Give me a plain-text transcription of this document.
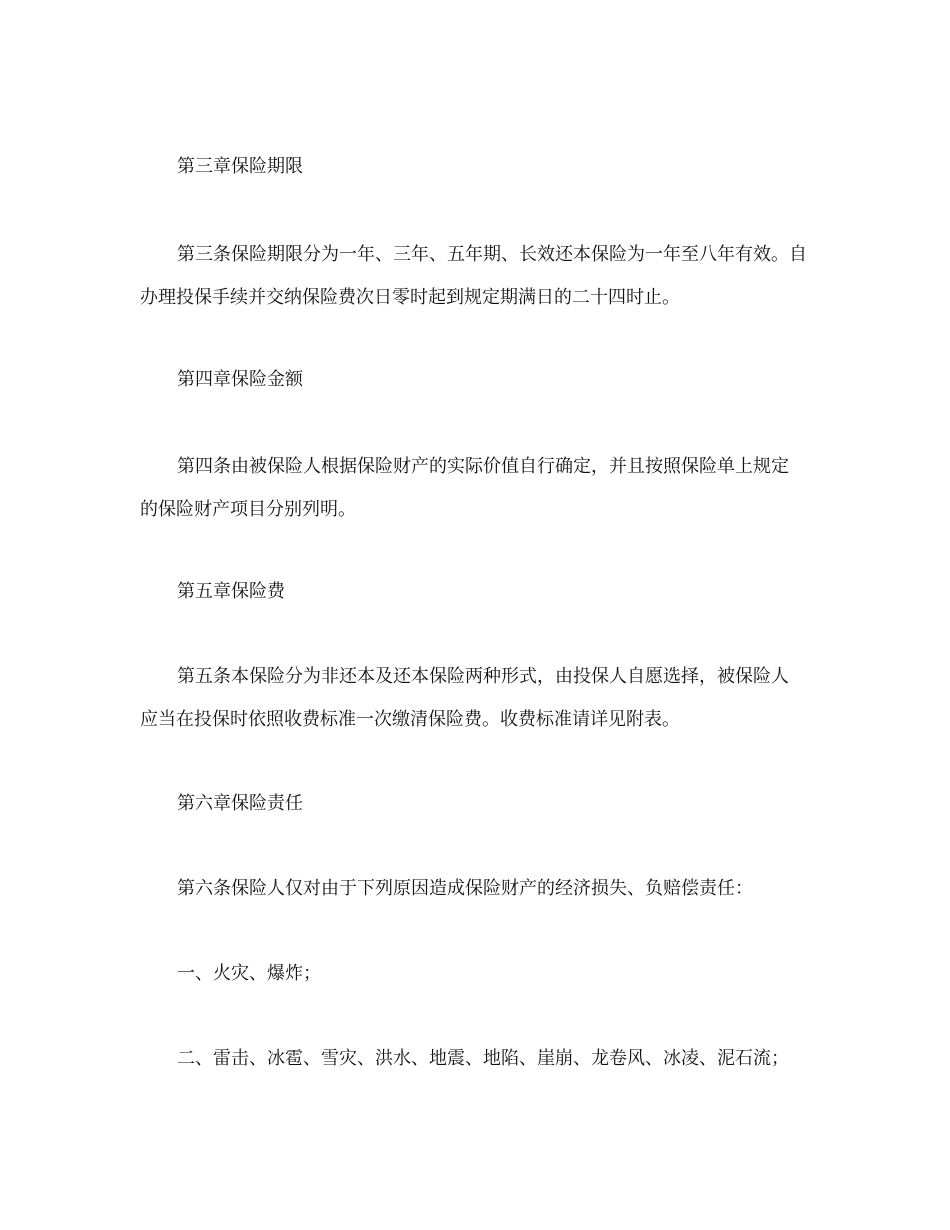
第三章保险期限
第三条保险期限分为一年、三年、五年期、长效还本保险为一年至八年有效。自
办理投保手续并交纳保险费次日零时起到规定期满日的二十四时止。
第四章保险金额
第四条由被保险人根据保险财产的实际价值自行确定，并且按照保险单上规定
的保险财产项目分别列明。
第五章保险费
第五条本保险分为非还本及还本保险两种形式，由投保人自愿选择，被保险人
应当在投保时依照收费标准一次缴清保险费。收费标准请详见附表。
第六章保险责任
第六条保险人仅对由于下列原因造成保险财产的经济损失、负赔偿责任：
一、火灾、爆炸；
二、雷击、冰雹、雪灾、洪水、地震、地陷、崖崩、龙卷风、冰凌、泥石流；
